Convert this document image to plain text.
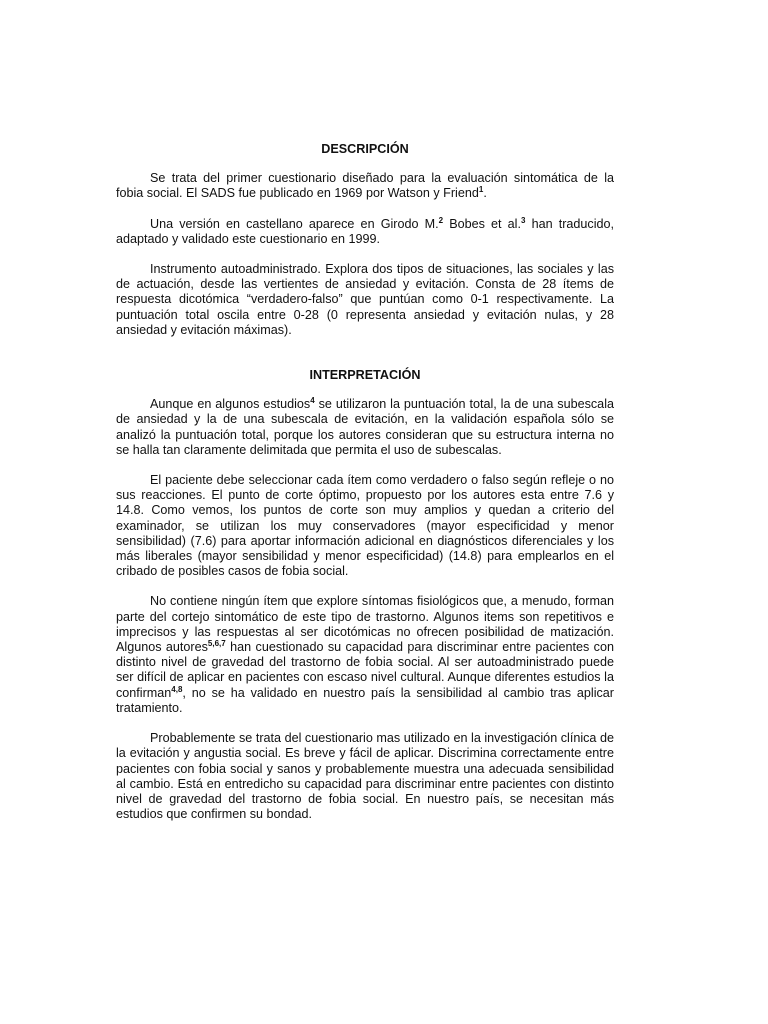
DESCRIPCIÓN

Se trata del primer cuestionario diseñado para la evaluación sintomática de la fobia social. El SADS fue publicado en 1969 por Watson y Friend$^1$.

Una versión en castellano aparece en Girodo M.$^2$ Bobes et al.$^3$ han traducido, adaptado y validado este cuestionario en 1999.

Instrumento autoadministrado. Explora dos tipos de situaciones, las sociales y las de actuación, desde las vertientes de ansiedad y evitación. Consta de 28 ítems de respuesta dicotómica “verdadero-falso” que puntúan como 0-1 respectivamente. La puntuación total oscila entre 0-28 (0 representa ansiedad y evitación nulas, y 28 ansiedad y evitación máximas).

INTERPRETACIÓN

Aunque en algunos estudios$^4$ se utilizaron la puntuación total, la de una subescala de ansiedad y la de una subescala de evitación, en la validación española sólo se analizó la puntuación total, porque los autores consideran que su estructura interna no se halla tan claramente delimitada que permita el uso de subescalas.

El paciente debe seleccionar cada ítem como verdadero o falso según refleje o no sus reacciones. El punto de corte óptimo, propuesto por los autores esta entre 7.6 y 14.8. Como vemos, los puntos de corte son muy amplios y quedan a criterio del examinador, se utilizan los muy conservadores (mayor especificidad y menor sensibilidad) (7.6) para aportar información adicional en diagnósticos diferenciales y los más liberales (mayor sensibilidad y menor especificidad) (14.8) para emplearlos en el cribado de posibles casos de fobia social.

No contiene ningún ítem que explore síntomas fisiológicos que, a menudo, forman parte del cortejo sintomático de este tipo de trastorno. Algunos items son repetitivos e imprecisos y las respuestas al ser dicotómicas no ofrecen posibilidad de matización. Algunos autores$^{5,6,7}$ han cuestionado su capacidad para discriminar entre pacientes con distinto nivel de gravedad del trastorno de fobia social. Al ser autoadministrado puede ser difícil de aplicar en pacientes con escaso nivel cultural. Aunque diferentes estudios la confirman$^{4,8}$, no se ha validado en nuestro país la sensibilidad al cambio tras aplicar tratamiento.

Probablemente se trata del cuestionario mas utilizado en la investigación clínica de la evitación y angustia social. Es breve y fácil de aplicar. Discrimina correctamente entre pacientes con fobia social y sanos y probablemente muestra una adecuada sensibilidad al cambio. Está en entredicho su capacidad para discriminar entre pacientes con distinto nivel de gravedad del trastorno de fobia social. En nuestro país, se necesitan más estudios que confirmen su bondad.
